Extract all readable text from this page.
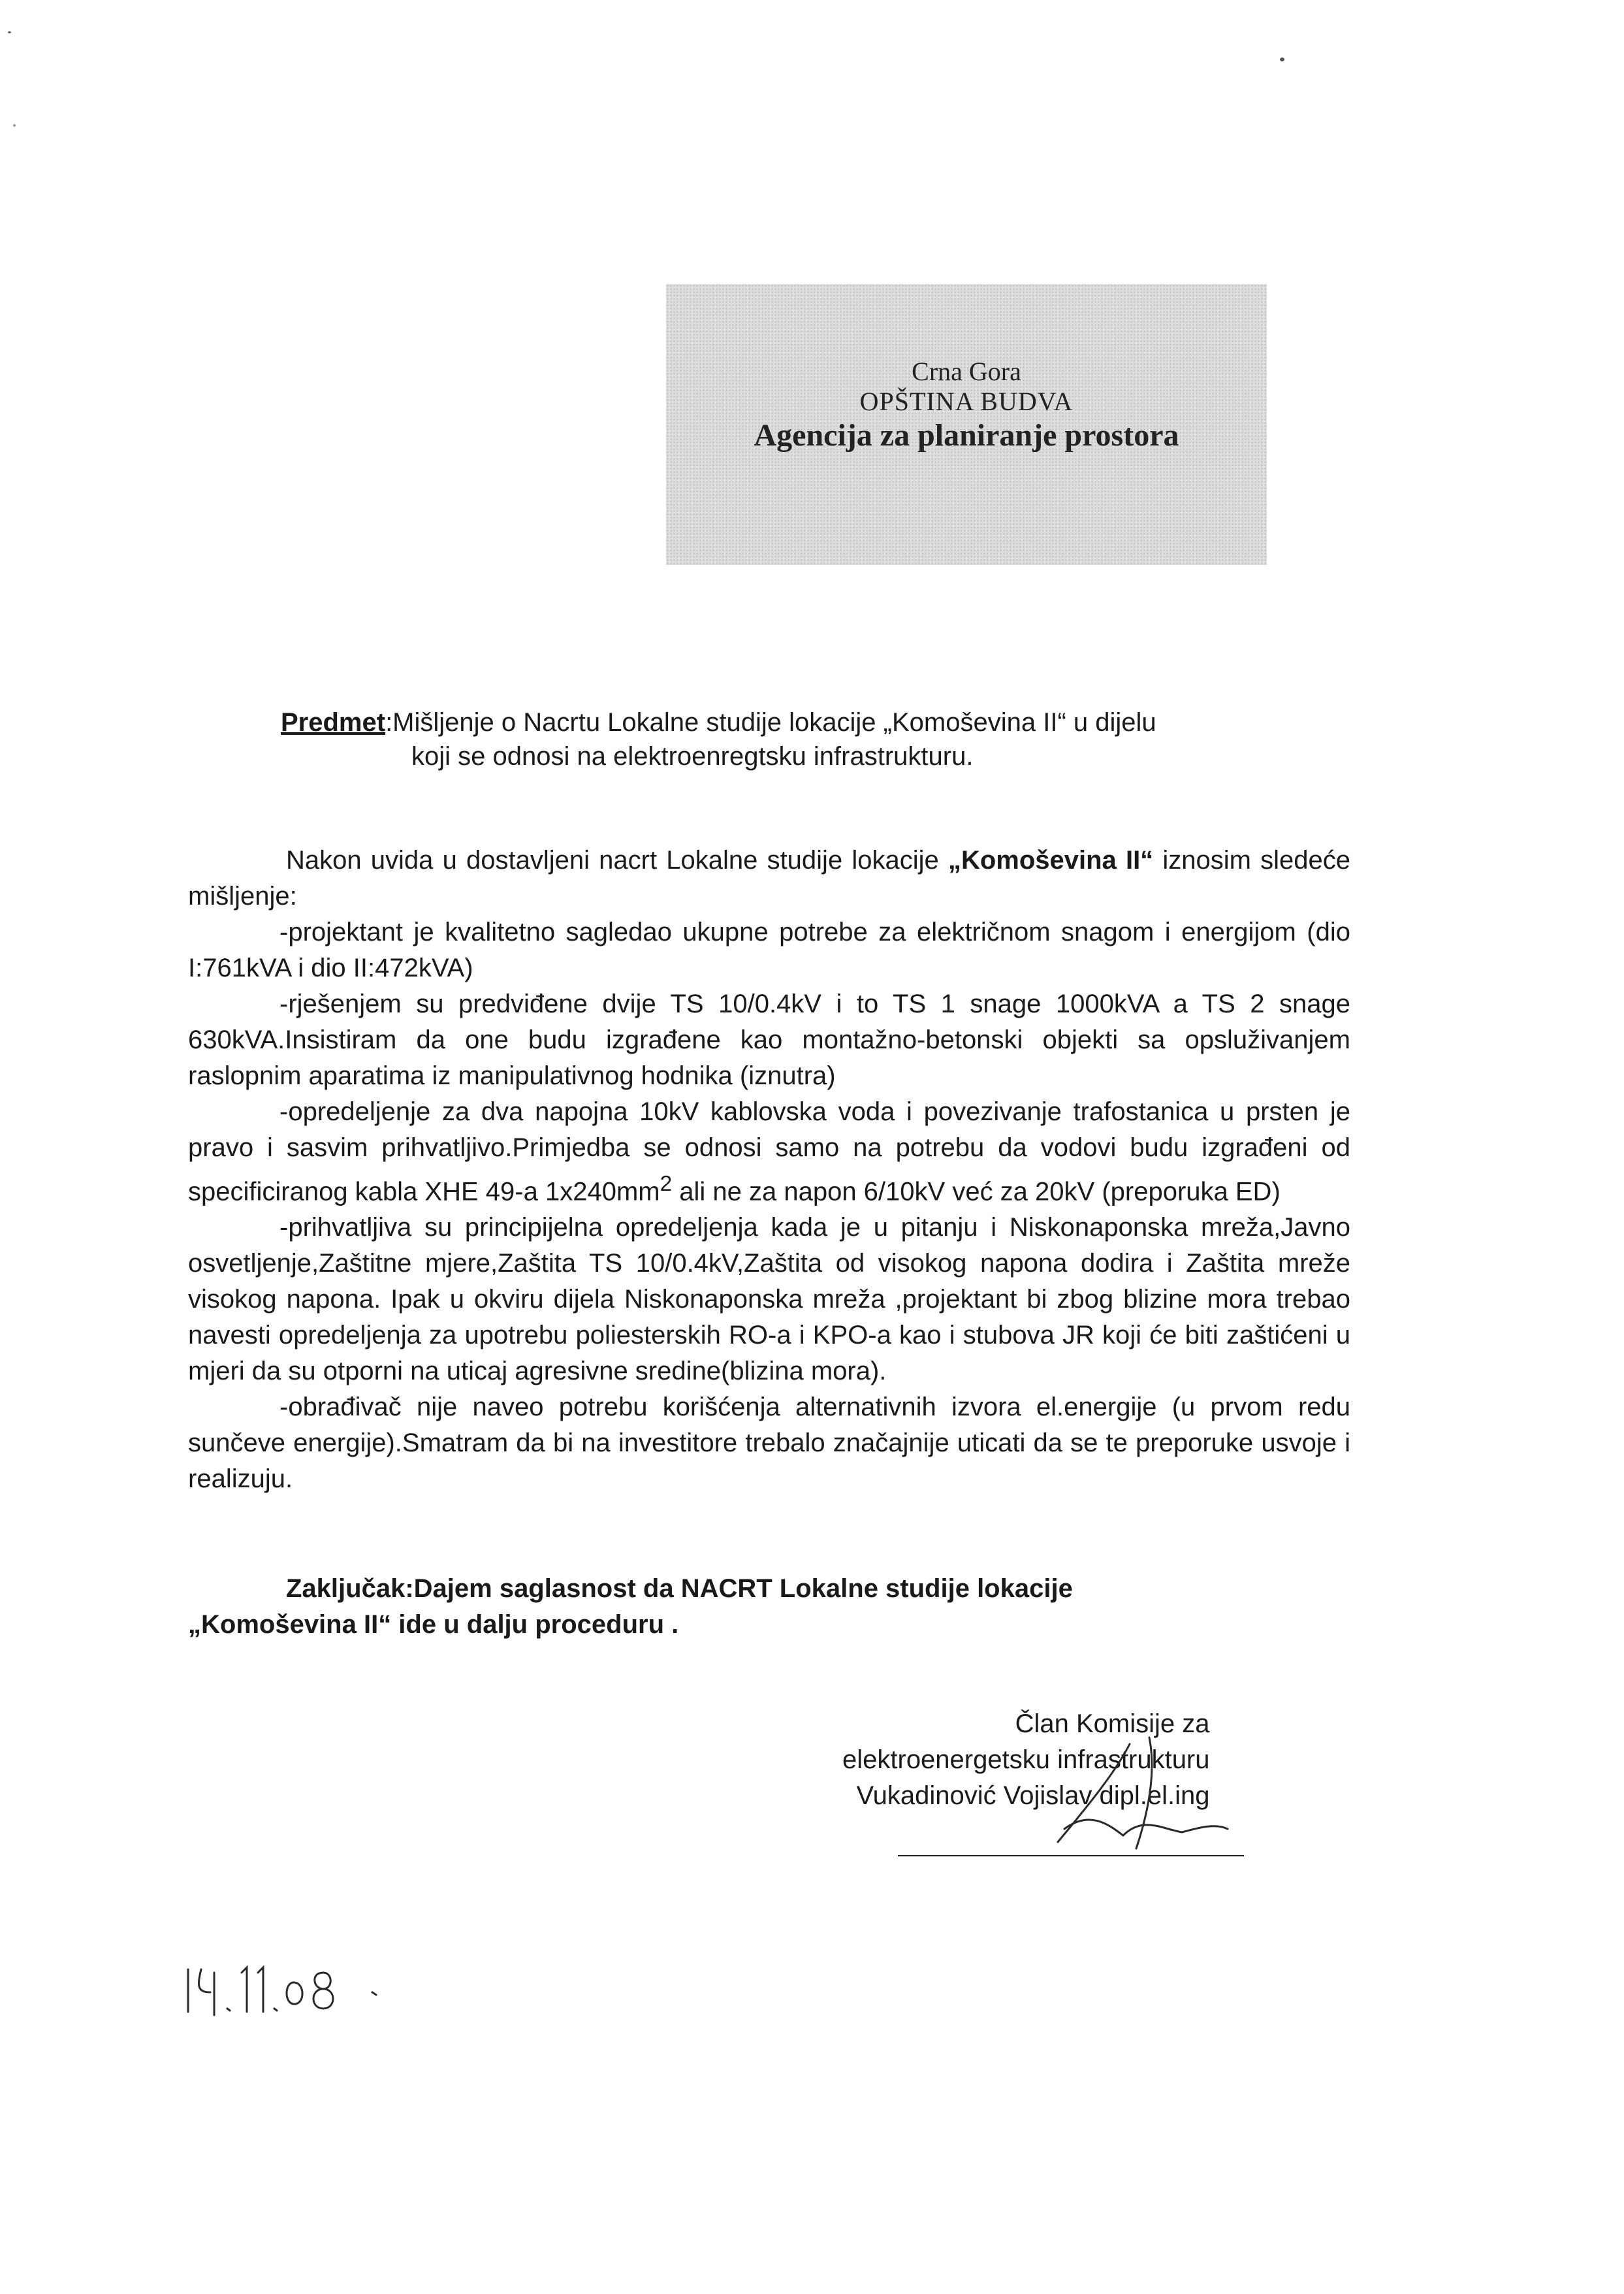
Crna Gora
OPŠTINA BUDVA
Agencija za planiranje prostora
Predmet:Mišljenje o Nacrtu Lokalne studije lokacije „Komoševina II“ u dijelu
koji se odnosi na elektroenregtsku infrastrukturu.

Nakon uvida u dostavljeni nacrt Lokalne studije lokacije „Komoševina II“ iznosim sledeće mišljenje:

-projektant je kvalitetno sagledao ukupne potrebe za električnom snagom i energijom (dio I:761kVA i dio II:472kVA)

-rješenjem su predviđene dvije TS 10/0.4kV i to TS 1 snage 1000kVA a TS 2 snage 630kVA.Insistiram da one budu izgrađene kao montažno-betonski objekti sa opsluživanjem raslopnim aparatima iz manipulativnog hodnika (iznutra)

-opredeljenje za dva napojna 10kV kablovska voda i povezivanje trafostanica u prsten je pravo i sasvim prihvatljivo.Primjedba se odnosi samo na potrebu da vodovi budu izgrađeni od specificiranog kabla XHE 49-a $1x240mm^2$ ali ne za napon 6/10kV već za 20kV (preporuka ED)

-prihvatljiva su principijelna opredeljenja kada je u pitanju i Niskonaponska mreža,Javno osvetljenje,Zaštitne mjere,Zaštita TS 10/0.4kV,Zaštita od visokog napona dodira i Zaštita mreže visokog napona. Ipak u okviru dijela Niskonaponska mreža ,projektant bi zbog blizine mora trebao navesti opredeljenja za upotrebu poliesterskih RO-a i KPO-a kao i stubova JR koji će biti zaštićeni u mjeri da su otporni na uticaj agresivne sredine(blizina mora).

-obrađivač nije naveo potrebu korišćenja alternativnih izvora el.energije (u prvom redu sunčeve energije).Smatram da bi na investitore trebalo značajnije uticati da se te preporuke usvoje i realizuju.

Zaključak:Dajem saglasnost da NACRT Lokalne studije lokacije

„Komoševina II“ ide u dalju proceduru .

Član Komisije za

elektroenergetsku infrastrukturu

Vukadinović Vojislav dipl.el.ing
